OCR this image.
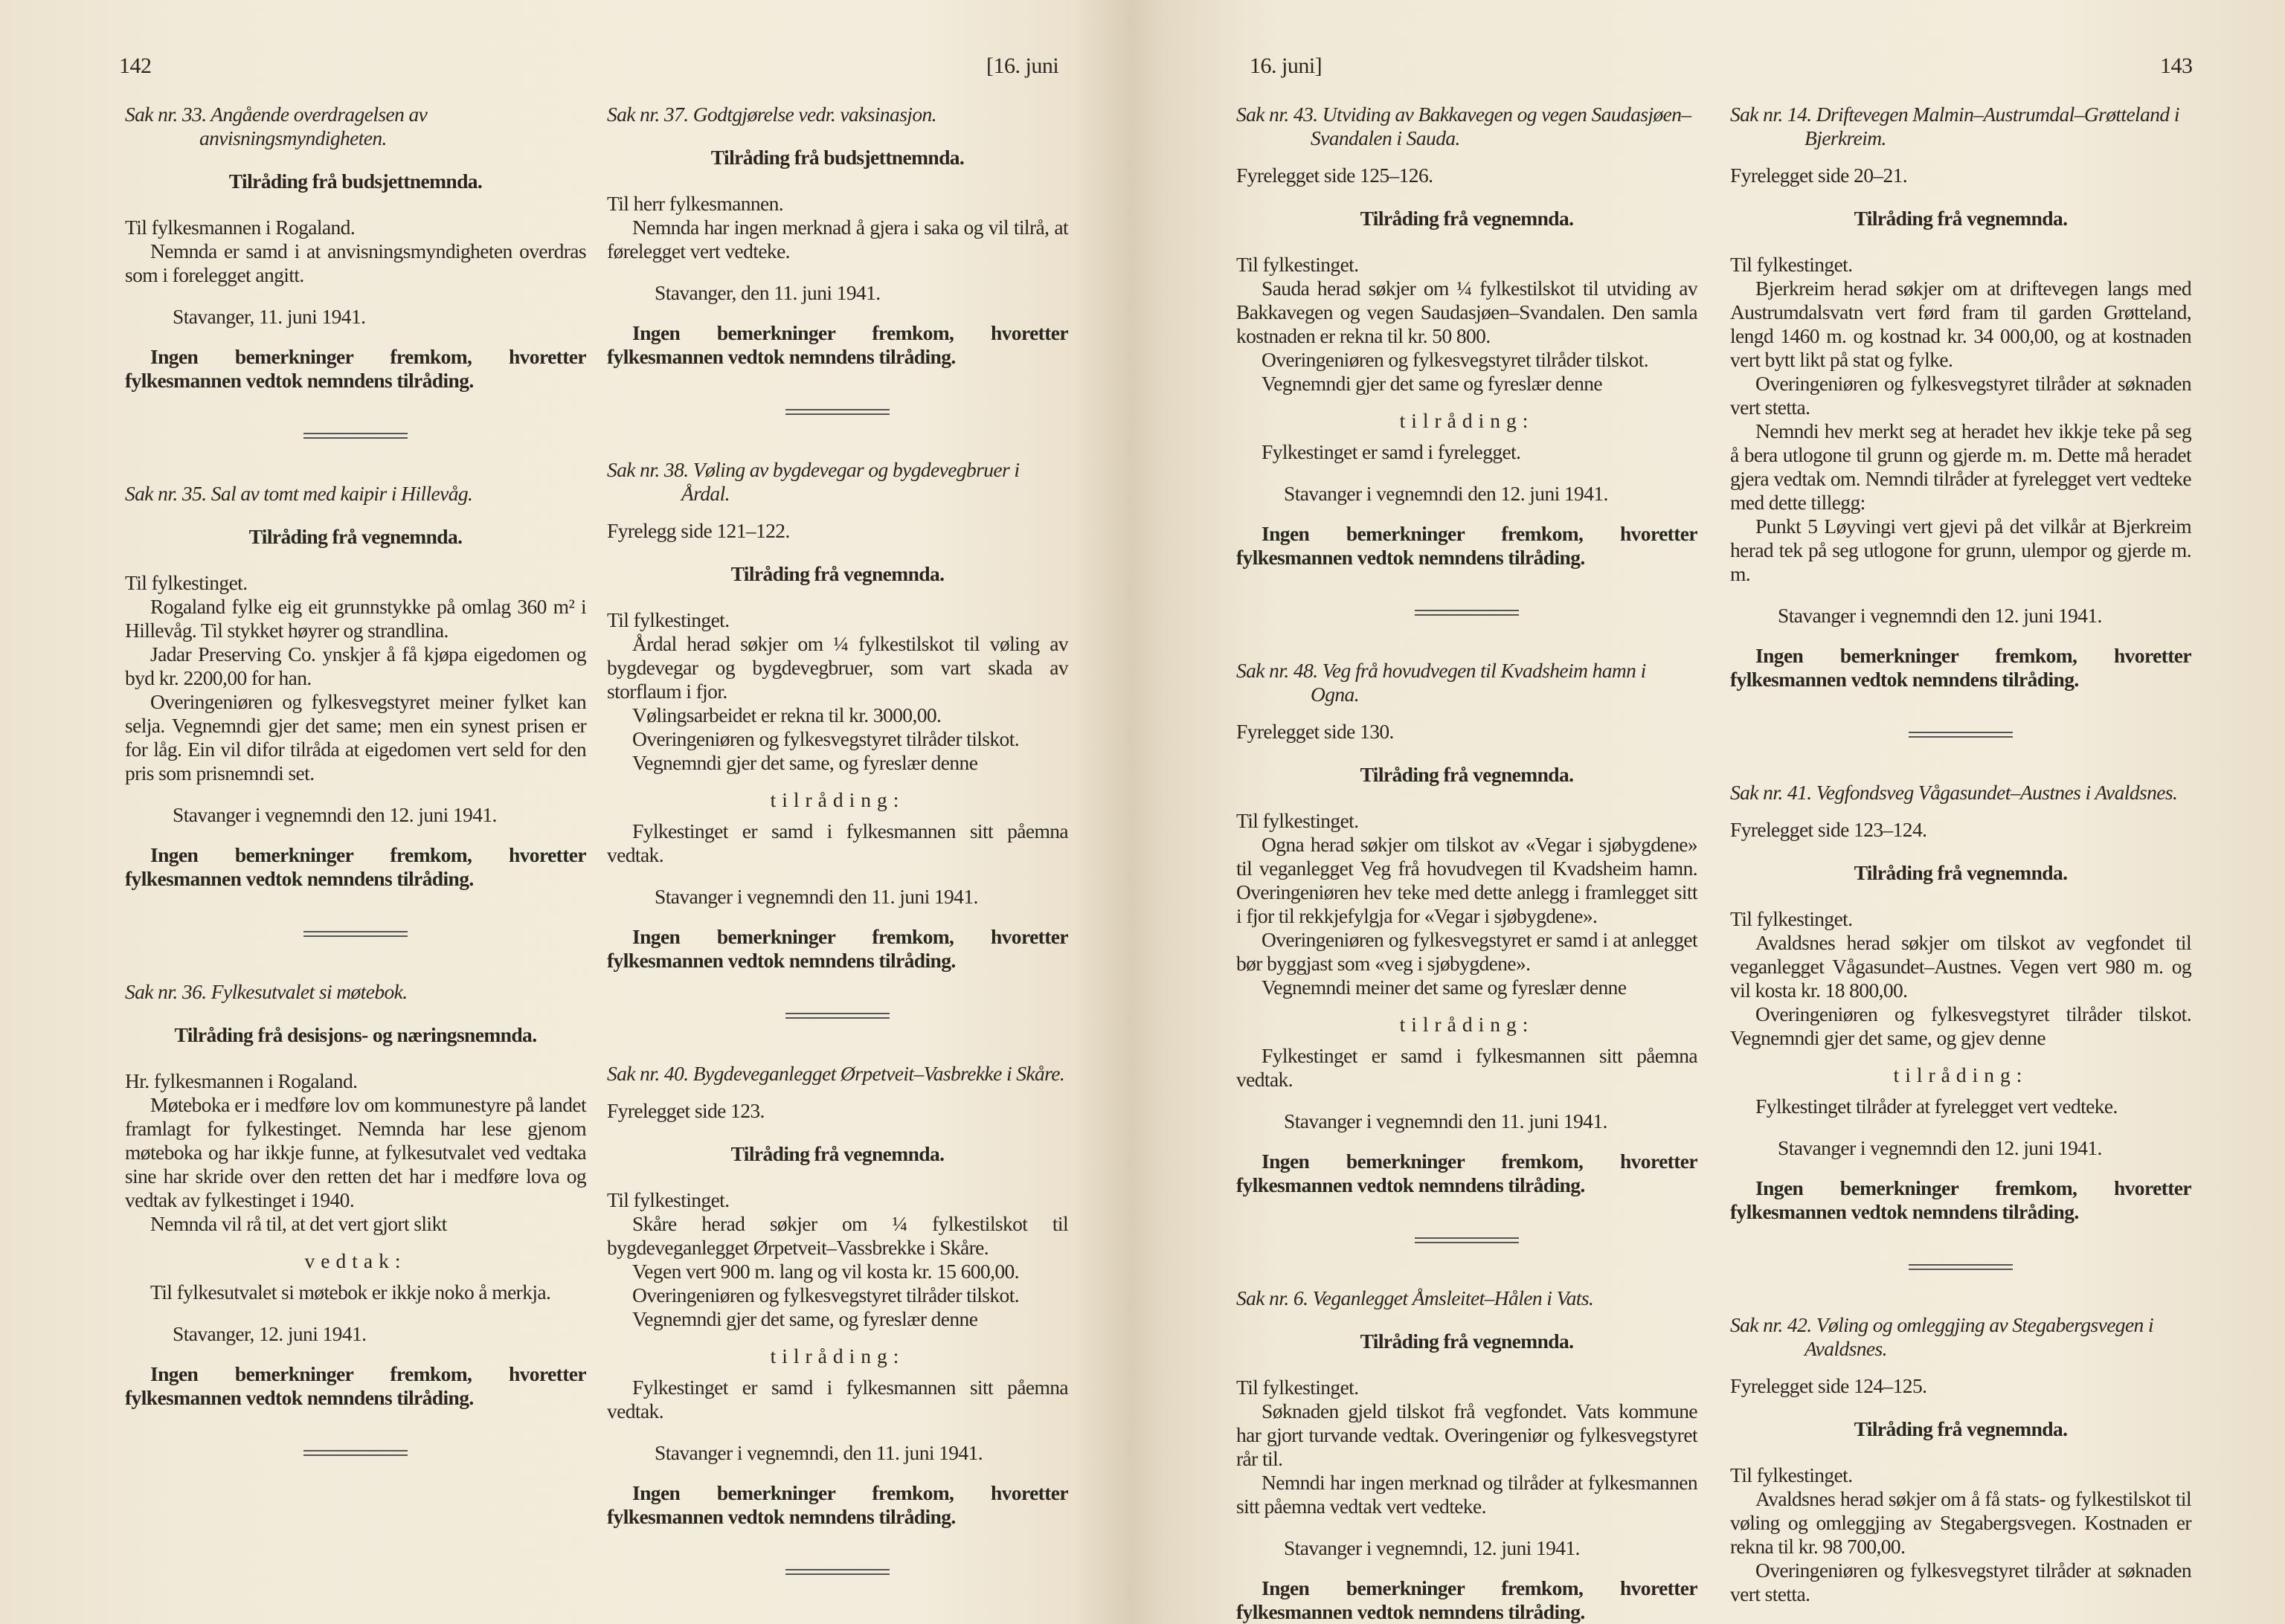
142	[16. juni	16. juni]	143
Sak nr. 33. Angående overdragelsen av anvisningsmyndigheten.
Tilråding frå budsjettnemnda.
Til fylkesmannen i Rogaland.
Nemnda er samd i at anvisningsmyndigheten overdras som i forelegget angitt.
Stavanger, 11. juni 1941.
Ingen bemerkninger fremkom, hvoretter fylkesmannen vedtok nemndens tilråding.
Sak nr. 35. Sal av tomt med kaipir i Hillevåg.
Tilråding frå vegnemnda.
Til fylkestinget.
Rogaland fylke eig eit grunnstykke på omlag 360 m² i Hillevåg. Til stykket høyrer og strandlina.
Jadar Preserving Co. ynskjer å få kjøpa eigedomen og byd kr. 2200,00 for han.
Overingeniøren og fylkesvegstyret meiner fylket kan selja. Vegnemndi gjer det same; men ein synest prisen er for låg. Ein vil difor tilråda at eigedomen vert seld for den pris som prisnemndi set.
Stavanger i vegnemndi den 12. juni 1941.
Ingen bemerkninger fremkom, hvoretter fylkesmannen vedtok nemndens tilråding.
Sak nr. 36. Fylkesutvalet si møtebok.
Tilråding frå desisjons- og næringsnemnda.
Hr. fylkesmannen i Rogaland.
Møteboka er i medføre lov om kommunestyre på landet framlagt for fylkestinget. Nemnda har lese gjenom møteboka og har ikkje funne, at fylkesutvalet ved vedtaka sine har skride over den retten det har i medføre lova og vedtak av fylkestinget i 1940.
Nemnda vil rå til, at det vert gjort slikt
vedtak:
Til fylkesutvalet si møtebok er ikkje noko å merkja.
Stavanger, 12. juni 1941.
Ingen bemerkninger fremkom, hvoretter fylkesmannen vedtok nemndens tilråding.
Sak nr. 37. Godtgjørelse vedr. vaksinasjon.
Tilråding frå budsjettnemnda.
Til herr fylkesmannen.
Nemnda har ingen merknad å gjera i saka og vil tilrå, at førelegget vert vedteke.
Stavanger, den 11. juni 1941.
Ingen bemerkninger fremkom, hvoretter fylkesmannen vedtok nemndens tilråding.
Sak nr. 38. Vøling av bygdevegar og bygdevegbruer i Årdal.
Fyrelegg side 121–122.
Tilråding frå vegnemnda.
Til fylkestinget.
Årdal herad søkjer om ¼ fylkestilskot til vøling av bygdevegar og bygdevegbruer, som vart skada av storflaum i fjor.
Vølingsarbeidet er rekna til kr. 3000,00.
Overingeniøren og fylkesvegstyret tilråder tilskot.
Vegnemndi gjer det same, og fyreslær denne
tilråding:
Fylkestinget er samd i fylkesmannen sitt påemna vedtak.
Stavanger i vegnemndi den 11. juni 1941.
Ingen bemerkninger fremkom, hvoretter fylkesmannen vedtok nemndens tilråding.
Sak nr. 40. Bygdeveganlegget Ørpetveit–Vasbrekke i Skåre.
Fyrelegget side 123.
Tilråding frå vegnemnda.
Til fylkestinget.
Skåre herad søkjer om ¼ fylkestilskot til bygdeveganlegget Ørpetveit–Vassbrekke i Skåre.
Vegen vert 900 m. lang og vil kosta kr. 15 600,00.
Overingeniøren og fylkesvegstyret tilråder tilskot.
Vegnemndi gjer det same, og fyreslær denne
tilråding:
Fylkestinget er samd i fylkesmannen sitt påemna vedtak.
Stavanger i vegnemndi, den 11. juni 1941.
Ingen bemerkninger fremkom, hvoretter fylkesmannen vedtok nemndens tilråding.
Sak nr. 43. Utviding av Bakkavegen og vegen Saudasjøen–Svandalen i Sauda.
Fyrelegget side 125–126.
Tilråding frå vegnemnda.
Til fylkestinget.
Sauda herad søkjer om ¼ fylkestilskot til utviding av Bakkavegen og vegen Saudasjøen–Svandalen. Den samla kostnaden er rekna til kr. 50 800.
Overingeniøren og fylkesvegstyret tilråder tilskot.
Vegnemndi gjer det same og fyreslær denne
tilråding:
Fylkestinget er samd i fyrelegget.
Stavanger i vegnemndi den 12. juni 1941.
Ingen bemerkninger fremkom, hvoretter fylkesmannen vedtok nemndens tilråding.
Sak nr. 48. Veg frå hovudvegen til Kvadsheim hamn i Ogna.
Fyrelegget side 130.
Tilråding frå vegnemnda.
Til fylkestinget.
Ogna herad søkjer om tilskot av «Vegar i sjøbygdene» til veganlegget Veg frå hovudvegen til Kvadsheim hamn. Overingeniøren hev teke med dette anlegg i framlegget sitt i fjor til rekkjefylgja for «Vegar i sjøbygdene».
Overingeniøren og fylkesvegstyret er samd i at anlegget bør byggjast som «veg i sjøbygdene».
Vegnemndi meiner det same og fyreslær denne
tilråding:
Fylkestinget er samd i fylkesmannen sitt påemna vedtak.
Stavanger i vegnemndi den 11. juni 1941.
Ingen bemerkninger fremkom, hvoretter fylkesmannen vedtok nemndens tilråding.
Sak nr. 6. Veganlegget Åmsleitet–Hålen i Vats.
Tilråding frå vegnemnda.
Til fylkestinget.
Søknaden gjeld tilskot frå vegfondet. Vats kommune har gjort turvande vedtak. Overingeniør og fylkesvegstyret rår til.
Nemndi har ingen merknad og tilråder at fylkesmannen sitt påemna vedtak vert vedteke.
Stavanger i vegnemndi, 12. juni 1941.
Ingen bemerkninger fremkom, hvoretter fylkesmannen vedtok nemndens tilråding.
Sak nr. 14. Driftevegen Malmin–Austrumdal–Grøtteland i Bjerkreim.
Fyrelegget side 20–21.
Tilråding frå vegnemnda.
Til fylkestinget.
Bjerkreim herad søkjer om at driftevegen langs med Austrumdalsvatn vert førd fram til garden Grøtteland, lengd 1460 m. og kostnad kr. 34 000,00, og at kostnaden vert bytt likt på stat og fylke.
Overingeniøren og fylkesvegstyret tilråder at søknaden vert stetta.
Nemndi hev merkt seg at heradet hev ikkje teke på seg å bera utlogone til grunn og gjerde m. m. Dette må heradet gjera vedtak om. Nemndi tilråder at fyrelegget vert vedteke med dette tillegg:
Punkt 5 Løyvingi vert gjevi på det vilkår at Bjerkreim herad tek på seg utlogone for grunn, ulempor og gjerde m. m.
Stavanger i vegnemndi den 12. juni 1941.
Ingen bemerkninger fremkom, hvoretter fylkesmannen vedtok nemndens tilråding.
Sak nr. 41. Vegfondsveg Vågasundet–Austnes i Avaldsnes.
Fyrelegget side 123–124.
Tilråding frå vegnemnda.
Til fylkestinget.
Avaldsnes herad søkjer om tilskot av vegfondet til veganlegget Vågasundet–Austnes. Vegen vert 980 m. og vil kosta kr. 18 800,00.
Overingeniøren og fylkesvegstyret tilråder tilskot. Vegnemndi gjer det same, og gjev denne
tilråding:
Fylkestinget tilråder at fyrelegget vert vedteke.
Stavanger i vegnemndi den 12. juni 1941.
Ingen bemerkninger fremkom, hvoretter fylkesmannen vedtok nemndens tilråding.
Sak nr. 42. Vøling og omleggjing av Stegabergsvegen i Avaldsnes.
Fyrelegget side 124–125.
Tilråding frå vegnemnda.
Til fylkestinget.
Avaldsnes herad søkjer om å få stats- og fylkestilskot til vøling og omleggjing av Stegabergsvegen. Kostnaden er rekna til kr. 98 700,00.
Overingeniøren og fylkesvegstyret tilråder at søknaden vert stetta.
